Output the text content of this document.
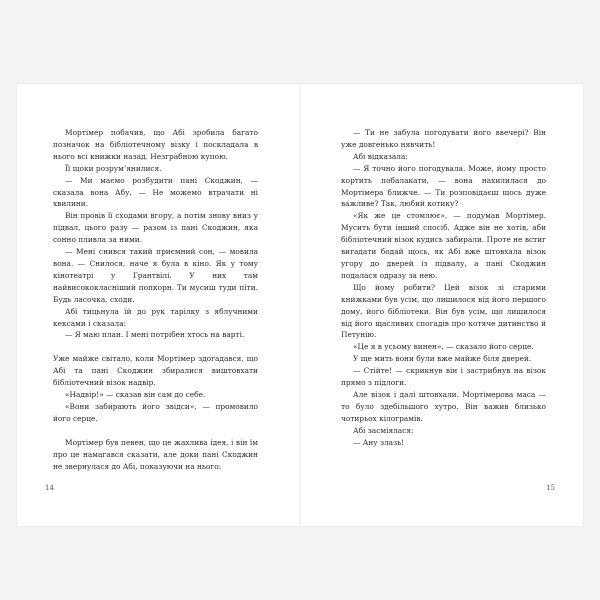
Мортімер побачив, що Абі зробила багато позначок на бібліотечному візку і поскладала в нього всі книжки назад. Незграбною купою.

Її щоки розрум’янилися.

— Ми маємо розбудити пані Скоджин, — сказала вона Абу. — Не можемо втрачати ні хвилини.

Він провів її сходами вгору, а потім знову вниз у підвал, цього разу — разом із пані Скоджин, яка сонно пливла за ними.

— Мені снився такий приємний сон, — мовила вона. — Снилося, наче я була в кіно. Як у тому кінотеатрі у Грантвілі. У них там найвисококласніший попкорн. Ти мусиш туди піти. Будь ласочка, сходи.

Абі тицьнула їй до рук тарілку з яблучними кексами і сказала:

— Я маю план. І мені потрібен хтось на варті.

Уже майже світало, коли Мортімер здогадався, що Абі та пані Скоджин збиралися виштовхати бібліотечний візок надвір.

«Надвір!» — сказав він сам до себе.

«Вони забирають його звідси», — промовило його серце.

Мортімер був певен, що це жахлива ідея, і він їм про це намагався сказати, але доки пані Скоджин не звернулася до Абі, показуючи на нього:

14

— Ти не забула погодувати його ввечері? Він уже довгенько нявчить!

Абі відказала:

— Я точно його погодувала. Може, йому просто кортить побалакати, — вона нахилилася до Мортімера ближче. — Ти розповідаєш щось дуже важливе? Так, любий котику?

«Як же це стомлює», — подумав Мортімер. Мусить бути інший спосіб. Адже він не хотів, аби бібліотечний візок кудись забирали. Проте не встиг вигадати бодай щось, як Абі вже штовхала візок угору до дверей із підвалу, а пані Скоджин подалася одразу за нею.

Що йому робити? Цей візок зі старими книжками був усім, що лишилося від його першого дому, його бібліотеки. Він був усім, що лишилося від його щасливих спогадів про котяче дитинство й Петунію.

«Це я в усьому винен», — сказало його серце.

У ще мить вони були вже майже біля дверей.

— Стійте! — скрикнув він і застрибнув на візок прямо з підлоги.

Але візок і далі штовхали. Мортімерова маса — то було здебільшого хутро. Він важив близько чотирьох кілограмів.

Абі засміялася:

— Ану злазь!

15
